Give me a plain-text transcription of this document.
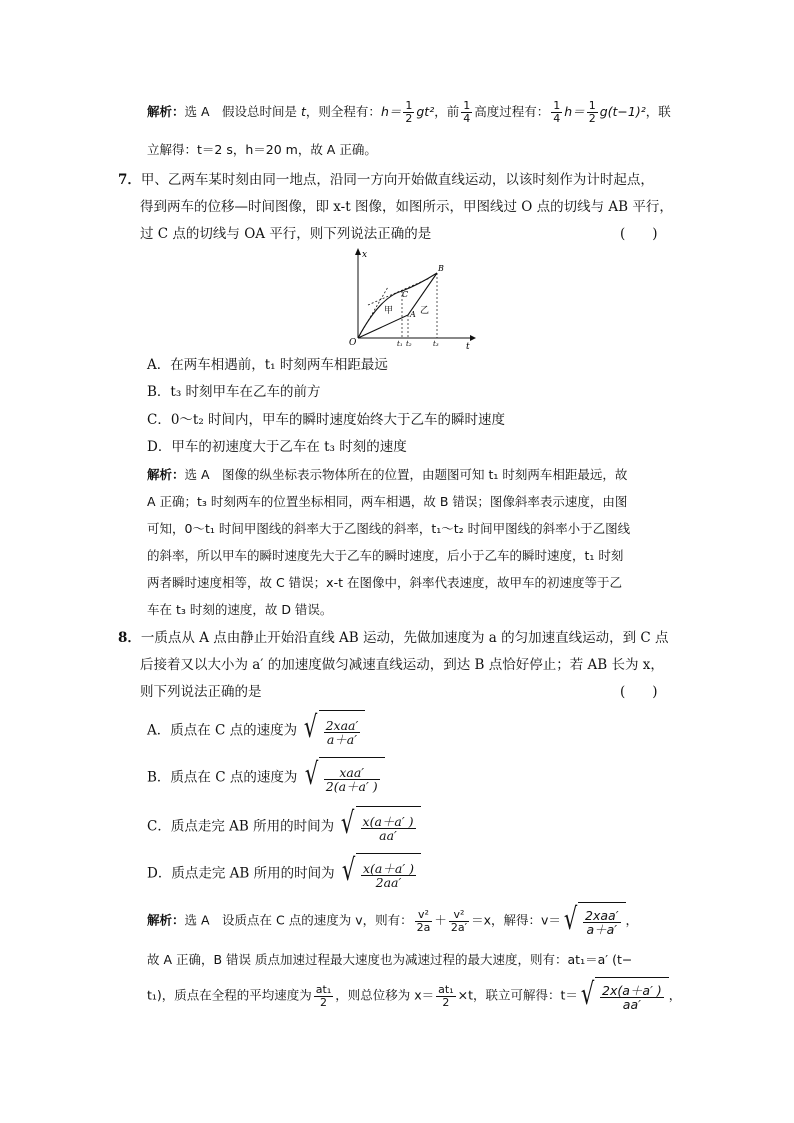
解析：选 A　假设总时间是 t，则全程有：$h= \frac{1}{2} gt^2$，前 $\frac{1}{4}$ 高度过程有： $\frac{1}{4} h= \frac{1}{2} g(t-1)^2$，联
立解得：t＝2 s，h＝20 m，故 A 正确。
7．甲、乙两车某时刻由同一地点，沿同一方向开始做直线运动，以该时刻作为计时起点，
得到两车的位移—时间图像，即 x-t 图像，如图所示，甲图线过 O 点的切线与 AB 平行，
过 C 点的切线与 OA 平行，则下列说法正确的是	(　　)
x
t
O
甲	乙
A
B
C
t₁ t₂	t₃
A．在两车相遇前，t₁ 时刻两车相距最远
B．t₃ 时刻甲车在乙车的前方
C．0～t₂ 时间内，甲车的瞬时速度始终大于乙车的瞬时速度
D．甲车的初速度大于乙车在 t₃ 时刻的速度
解析：选 A　图像的纵坐标表示物体所在的位置，由题图可知 t₁ 时刻两车相距最远，故
A 正确；t₃ 时刻两车的位置坐标相同，两车相遇，故 B 错误；图像斜率表示速度，由图
可知，0～t₁ 时间甲图线的斜率大于乙图线的斜率，t₁～t₂ 时间甲图线的斜率小于乙图线
的斜率，所以甲车的瞬时速度先大于乙车的瞬时速度，后小于乙车的瞬时速度，t₁ 时刻
两者瞬时速度相等，故 C 错误；x-t 在图像中，斜率代表速度，故甲车的初速度等于乙
车在 t₃ 时刻的速度，故 D 错误。
8．一质点从 A 点由静止开始沿直线 AB 运动，先做加速度为 a 的匀加速直线运动，到 C 点
后接着又以大小为 a′ 的加速度做匀减速直线运动，到达 B 点恰好停止；若 AB 长为 x，
则下列说法正确的是	(　　)
A．质点在 C 点的速度为 √ $\frac{\text{2xaa′}}{a+a'}$
B．质点在 C 点的速度为 √ $\frac{\text{xaa′}}{2(a+a' )}$
C．质点走完 AB 所用的时间为 √ $\frac{x(a+a' )}{aa'}$
D．质点走完 AB 所用的时间为 √ $\frac{x(a+a' )}{2aa'}$
解析：选 A　设质点在 C 点的速度为 v，则有： $\frac{\text{v²}}{2a} + \frac{\text{v²}}{2a'} =x$，解得：v＝ √ $\frac{\text{2xaa′}}{a+a'}$ ，
故 A 正确，B 错误 质点加速过程最大速度也为减速过程的最大速度，则有：at₁＝a′ (t−
t₁)，质点在全程的平均速度为 $\frac{\text{at₁}}{2}$ ，则总位移为 $x= \frac{\text{at₁}}{2} \times t$，联立可解得：t＝ √ $\frac{2x(a+a' )}{aa'}$ ，
